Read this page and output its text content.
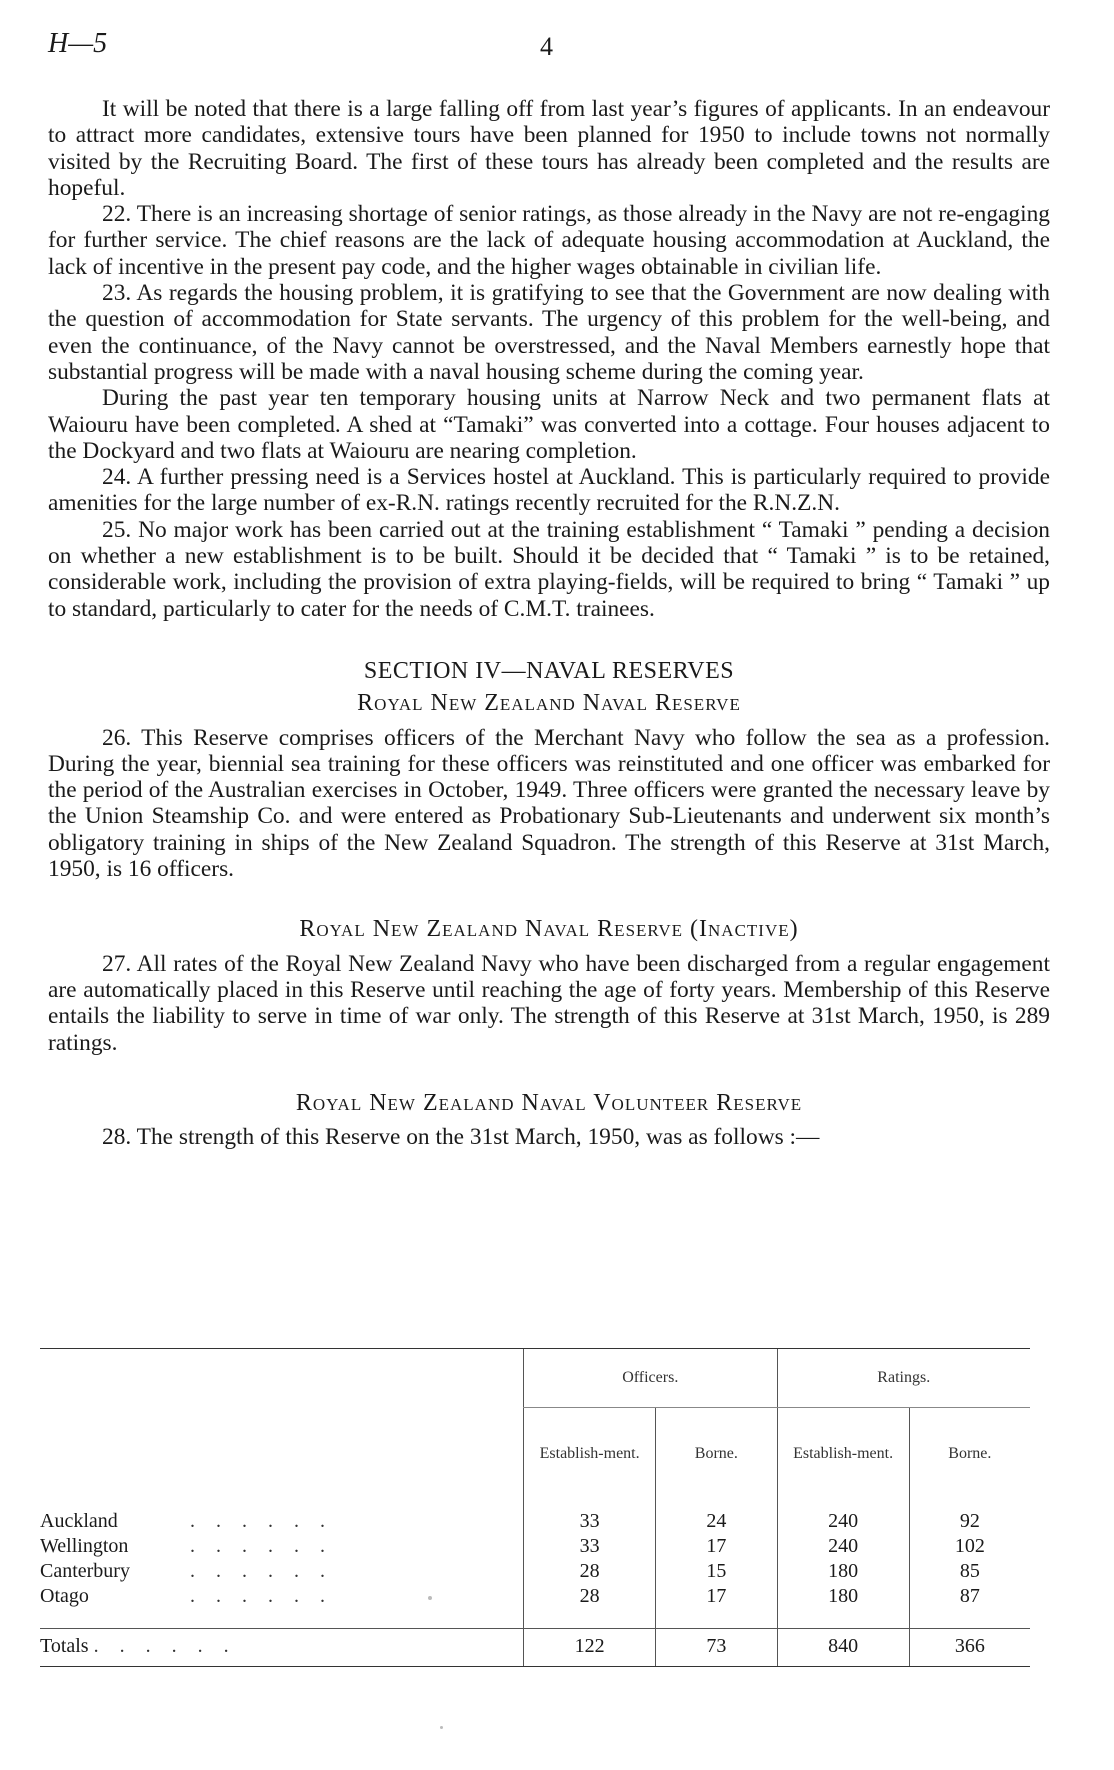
H—5	4

It will be noted that there is a large falling off from last year’s figures of applicants. In an endeavour to attract more candidates, extensive tours have been planned for 1950 to include towns not normally visited by the Recruiting Board. The first of these tours has already been completed and the results are hopeful.

22. There is an increasing shortage of senior ratings, as those already in the Navy are not re-engaging for further service. The chief reasons are the lack of adequate housing accommodation at Auckland, the lack of incentive in the present pay code, and the higher wages obtainable in civilian life.

23. As regards the housing problem, it is gratifying to see that the Government are now dealing with the question of accommodation for State servants. The urgency of this problem for the well-being, and even the continuance, of the Navy cannot be overstressed, and the Naval Members earnestly hope that substantial progress will be made with a naval housing scheme during the coming year.

During the past year ten temporary housing units at Narrow Neck and two permanent flats at Waiouru have been completed. A shed at “Tamaki” was converted into a cottage. Four houses adjacent to the Dockyard and two flats at Waiouru are nearing completion.

24. A further pressing need is a Services hostel at Auckland. This is particularly required to provide amenities for the large number of ex-R.N. ratings recently recruited for the R.N.Z.N.

25. No major work has been carried out at the training establishment “ Tamaki ” pending a decision on whether a new establishment is to be built. Should it be decided that “ Tamaki ” is to be retained, considerable work, including the provision of extra playing-fields, will be required to bring “ Tamaki ” up to standard, particularly to cater for the needs of C.M.T. trainees.

SECTION IV—NAVAL RESERVES
Royal New Zealand Naval Reserve

26. This Reserve comprises officers of the Merchant Navy who follow the sea as a profession. During the year, biennial sea training for these officers was reinstituted and one officer was embarked for the period of the Australian exercises in October, 1949. Three officers were granted the necessary leave by the Union Steamship Co. and were entered as Probationary Sub-Lieutenants and underwent six month’s obligatory training in ships of the New Zealand Squadron. The strength of this Reserve at 31st March, 1950, is 16 officers.

Royal New Zealand Naval Reserve (Inactive)

27. All rates of the Royal New Zealand Navy who have been discharged from a regular engagement are automatically placed in this Reserve until reaching the age of forty years. Membership of this Reserve entails the liability to serve in time of war only. The strength of this Reserve at 31st March, 1950, is 289 ratings.

Royal New Zealand Naval Volunteer Reserve

28. The strength of this Reserve on the 31st March, 1950, was as follows :—

	Officers.		Ratings.	
	Establish-ment.	Borne.	Establish-ment.	Borne.
Auckland . . . . . .	33	24	240	92
Wellington . . . . . .	33	17	240	102
Canterbury . . . . . .	28	15	180	85
Otago . . . . . .	28	17	180	87
Totals . . . . . .	122	73	840	366
